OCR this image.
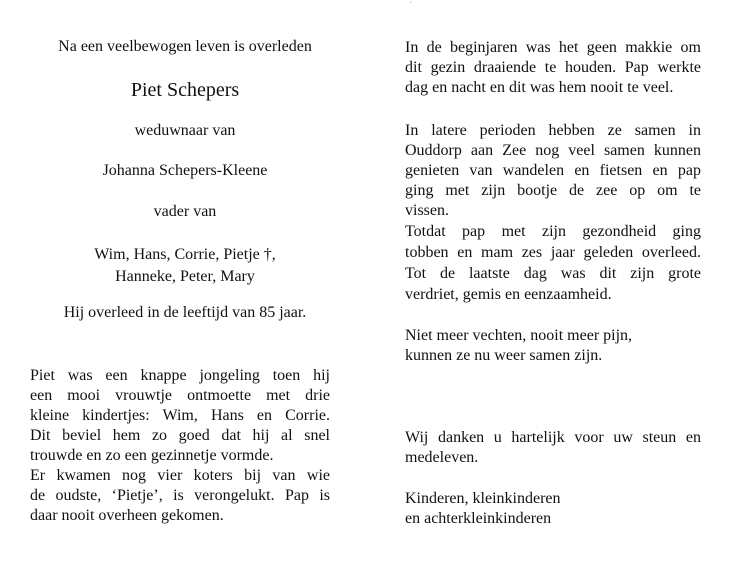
Na een veelbewogen leven is overleden
Piet Schepers
weduwnaar van
Johanna Schepers-Kleene
vader van
Wim, Hans, Corrie, Pietje †,
Hanneke, Peter, Mary
Hij overleed in de leeftijd van 85 jaar.
Piet was een knappe jongeling toen hij
een mooi vrouwtje ontmoette met drie
kleine kindertjes: Wim, Hans en Corrie.
Dit beviel hem zo goed dat hij al snel
trouwde en zo een gezinnetje vormde.
Er kwamen nog vier koters bij van wie
de oudste, ‘Pietje’, is verongelukt. Pap is
daar nooit overheen gekomen.
ʼ
In de beginjaren was het geen makkie om
dit gezin draaiende te houden. Pap werkte
dag en nacht en dit was hem nooit te veel.
In latere perioden hebben ze samen in
Ouddorp aan Zee nog veel samen kunnen
genieten van wandelen en fietsen en pap
ging met zijn bootje de zee op om te
vissen.
Totdat pap met zijn gezondheid ging
tobben en mam zes jaar geleden overleed.
Tot de laatste dag was dit zijn grote
verdriet, gemis en eenzaamheid.
Niet meer vechten, nooit meer pijn,
kunnen ze nu weer samen zijn.
Wij danken u hartelijk voor uw steun en
medeleven.
Kinderen, kleinkinderen
en achterkleinkinderen
